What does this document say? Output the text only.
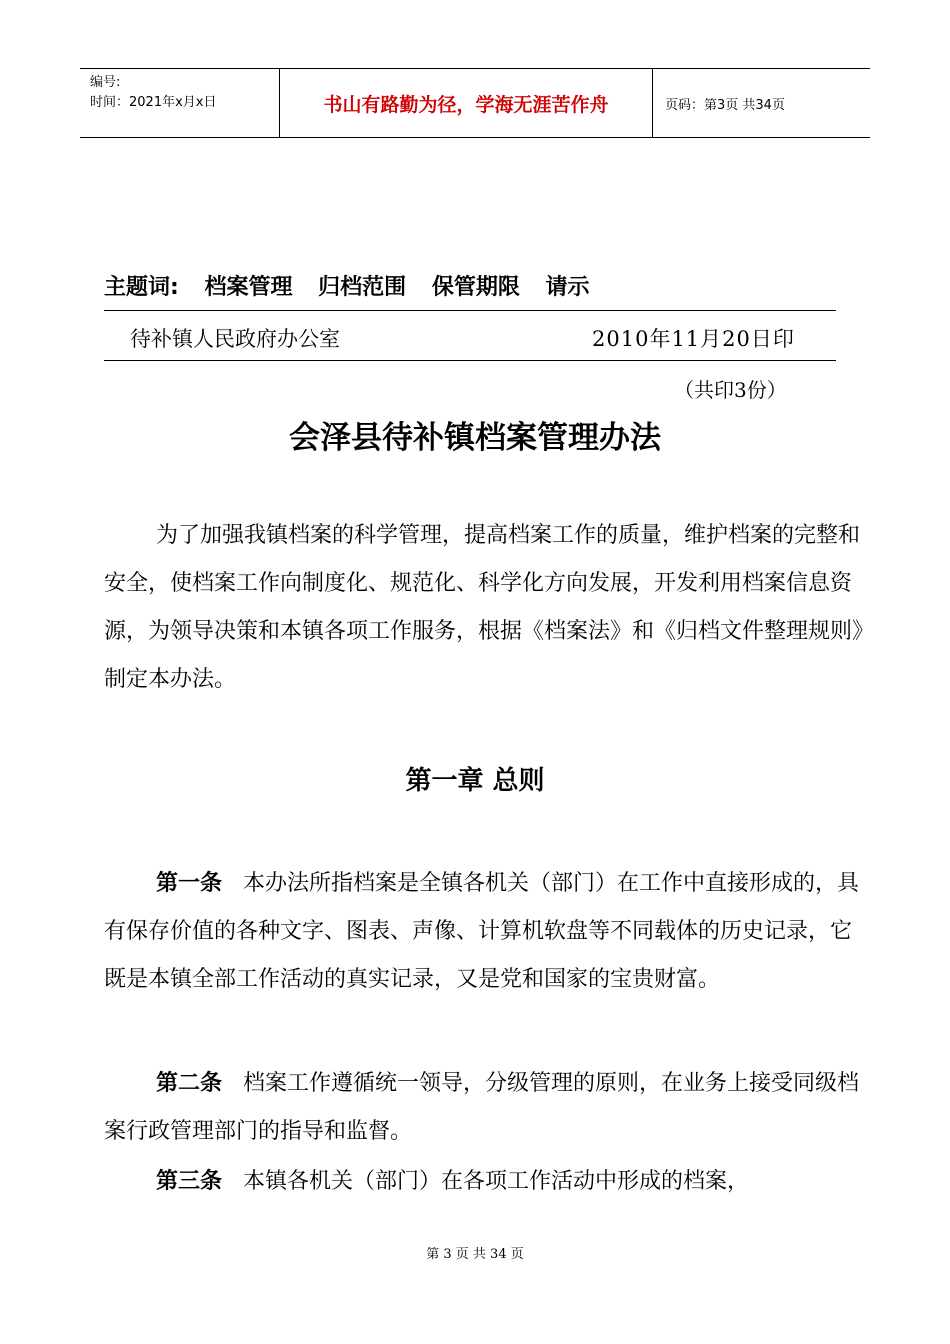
编号:
时间：2021年x月x日	书山有路勤为径，学海无涯苦作舟	页码：第3页 共34页
主题词: 档案管理 归档范围 保管期限 请示
待补镇人民政府办公室	2010年11月20日印
（共印3份）
会泽县待补镇档案管理办法

为了加强我镇档案的科学管理，提高档案工作的质量，维护档案的完整和安全，使档案工作向制度化、规范化、科学化方向发展，开发利用档案信息资源，为领导决策和本镇各项工作服务，根据《档案法》和《归档文件整理规则》制定本办法。

第一章 总则

第一条 本办法所指档案是全镇各机关（部门）在工作中直接形成的，具有保存价值的各种文字、图表、声像、计算机软盘等不同载体的历史记录，它既是本镇全部工作活动的真实记录，又是党和国家的宝贵财富。

第二条 档案工作遵循统一领导，分级管理的原则，在业务上接受同级档案行政管理部门的指导和监督。

第三条 本镇各机关（部门）在各项工作活动中形成的档案，

第 3 页 共 34 页
